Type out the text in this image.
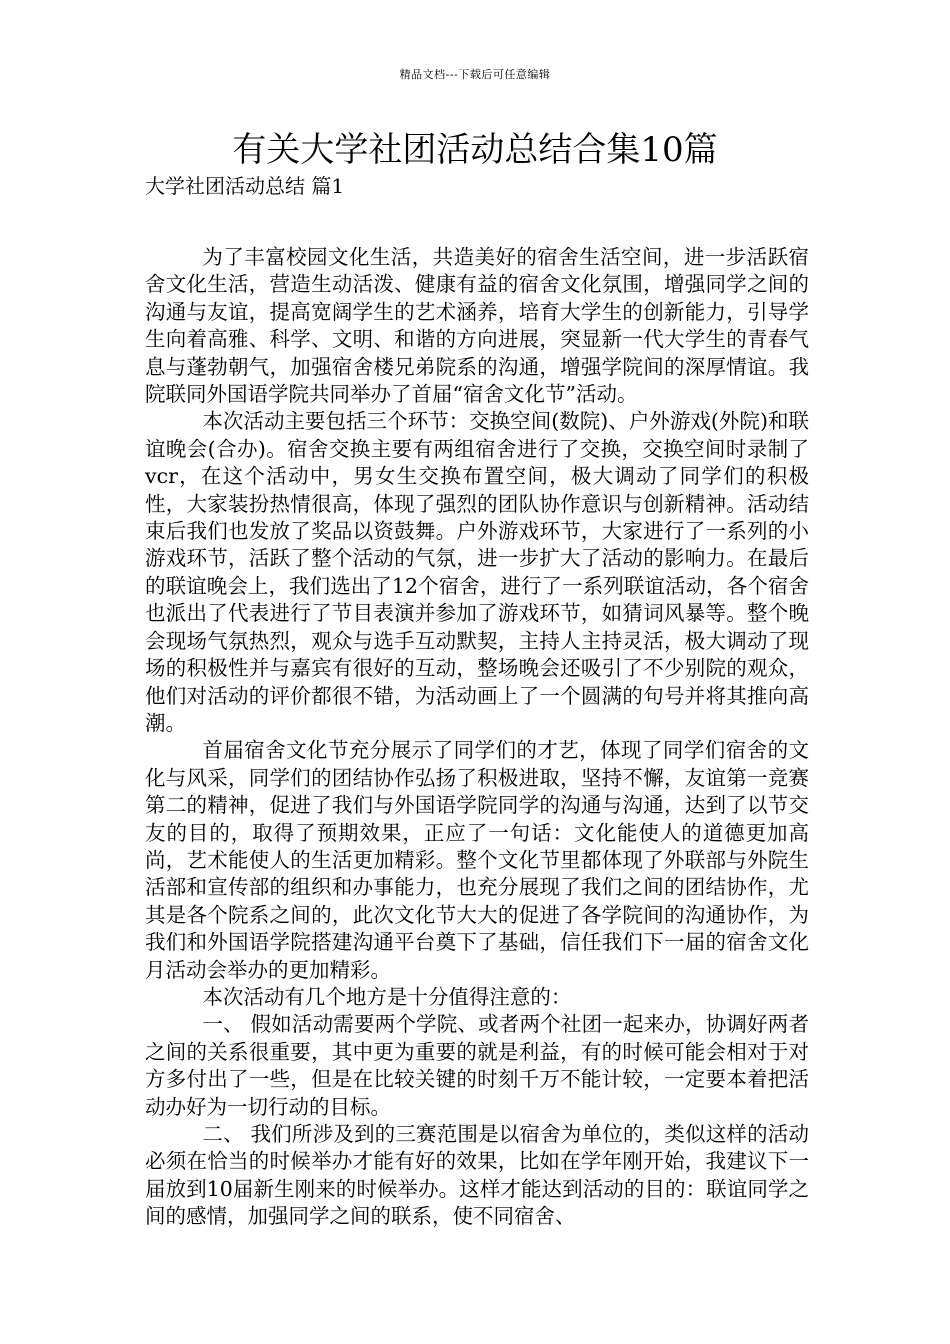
精品文档---下载后可任意编辑
有关大学社团活动总结合集10篇
大学社团活动总结 篇1

为了丰富校园文化生活，共造美好的宿舍生活空间，进一步活跃宿舍文化生活，营造生动活泼、健康有益的宿舍文化氛围，增强同学之间的沟通与友谊，提高宽阔学生的艺术涵养，培育大学生的创新能力，引导学生向着高雅、科学、文明、和谐的方向进展，突显新一代大学生的青春气息与蓬勃朝气，加强宿舍楼兄弟院系的沟通，增强学院间的深厚情谊。我院联同外国语学院共同举办了首届“宿舍文化节”活动。

本次活动主要包括三个环节：交换空间(数院)、户外游戏(外院)和联谊晚会(合办)。宿舍交换主要有两组宿舍进行了交换，交换空间时录制了vcr，在这个活动中，男女生交换布置空间，极大调动了同学们的积极性，大家装扮热情很高，体现了强烈的团队协作意识与创新精神。活动结束后我们也发放了奖品以资鼓舞。户外游戏环节，大家进行了一系列的小游戏环节，活跃了整个活动的气氛，进一步扩大了活动的影响力。在最后的联谊晚会上，我们选出了12个宿舍，进行了一系列联谊活动，各个宿舍也派出了代表进行了节目表演并参加了游戏环节，如猜词风暴等。整个晚会现场气氛热烈，观众与选手互动默契，主持人主持灵活，极大调动了现场的积极性并与嘉宾有很好的互动，整场晚会还吸引了不少别院的观众，他们对活动的评价都很不错，为活动画上了一个圆满的句号并将其推向高潮。

首届宿舍文化节充分展示了同学们的才艺，体现了同学们宿舍的文化与风采，同学们的团结协作弘扬了积极进取，坚持不懈，友谊第一竞赛第二的精神，促进了我们与外国语学院同学的沟通与沟通，达到了以节交友的目的，取得了预期效果，正应了一句话：文化能使人的道德更加高尚，艺术能使人的生活更加精彩。整个文化节里都体现了外联部与外院生活部和宣传部的组织和办事能力，也充分展现了我们之间的团结协作，尤其是各个院系之间的，此次文化节大大的促进了各学院间的沟通协作，为我们和外国语学院搭建沟通平台奠下了基础，信任我们下一届的宿舍文化月活动会举办的更加精彩。

本次活动有几个地方是十分值得注意的：

一、 假如活动需要两个学院、或者两个社团一起来办，协调好两者之间的关系很重要，其中更为重要的就是利益，有的时候可能会相对于对方多付出了一些，但是在比较关键的时刻千万不能计较，一定要本着把活动办好为一切行动的目标。

二、 我们所涉及到的三赛范围是以宿舍为单位的，类似这样的活动必须在恰当的时候举办才能有好的效果，比如在学年刚开始，我建议下一届放到10届新生刚来的时候举办。这样才能达到活动的目的：联谊同学之间的感情，加强同学之间的联系，使不同宿舍、
